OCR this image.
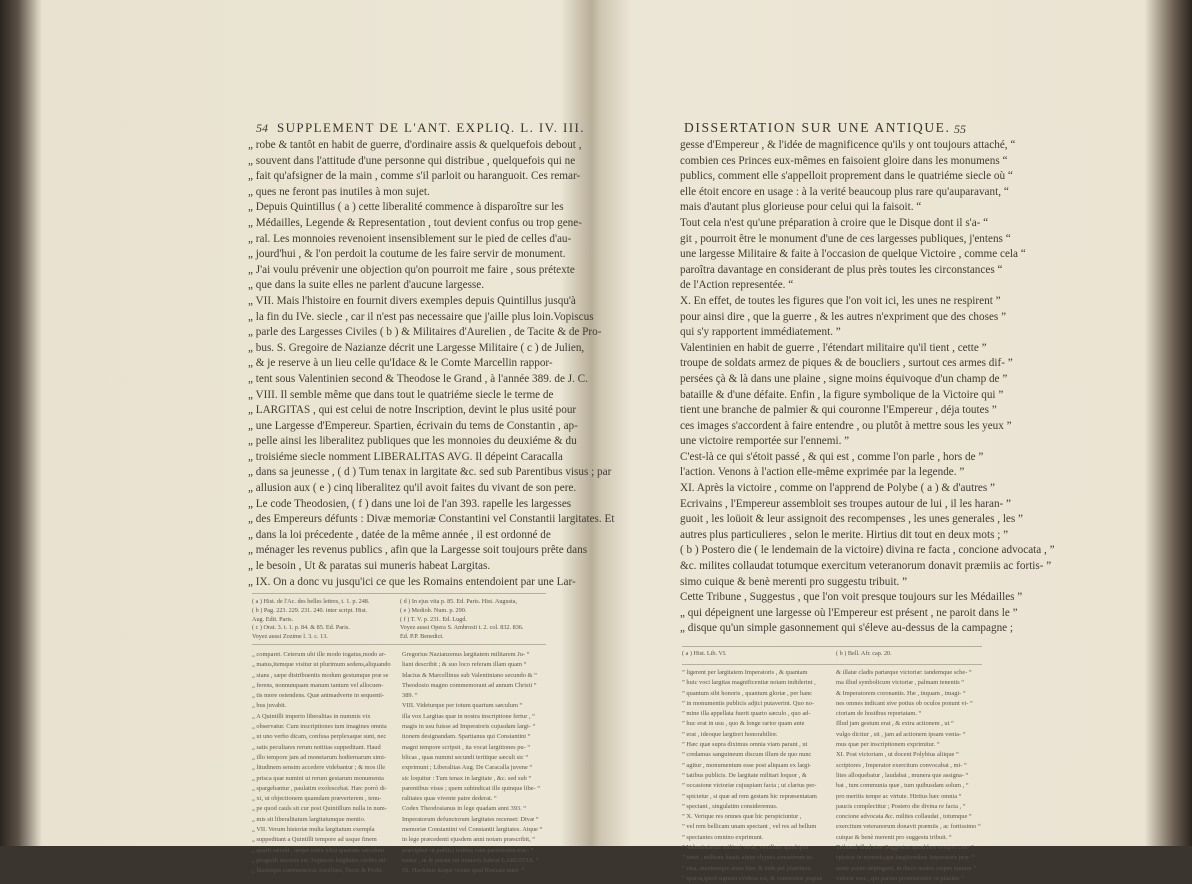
54 SUPPLEMENT DE L'ANT. EXPLIQ. L. IV. III.
„ robe & tantôt en habit de guerre, d'ordinaire assis & quelquefois debout ,
„ souvent dans l'attitude d'une personne qui distribue , quelquefois qui ne
„ fait qu'afsigner de la main , comme s'il parloit ou haranguoit. Ces remar-
„ ques ne feront pas inutiles à mon sujet.
„ Depuis Quintillus ( a ) cette liberalité commence à disparoître sur les
„ Médailles, Legende & Representation , tout devient confus ou trop gene-
„ ral. Les monnoies revenoient insensiblement sur le pied de celles d'au-
„ jourd'hui , & l'on perdoit la coutume de les faire servir de monument.
„ J'ai voulu prévenir une objection qu'on pourroit me faire , sous prétexte
„ que dans la suite elles ne parlent d'aucune largesse.
„ VII. Mais l'histoire en fournit divers exemples depuis Quintillus jusqu'à
„ la fin du IVe. siecle , car il n'est pas necessaire que j'aille plus loin.Vopiscus
„ parle des Largesses Civiles ( b ) & Militaires d'Aurelien , de Tacite & de Pro-
„ bus. S. Gregoire de Nazianze décrit une Largesse Militaire ( c ) de Julien,
„ & je reserve à un lieu celle qu'Idace & le Comte Marcellin rappor-
„ tent sous Valentinien second & Theodose le Grand , à l'année 389. de J. C.
„ VIII. Il semble même que dans tout le quatriéme siecle le terme de
„ LARGITAS , qui est celui de notre Inscription, devint le plus usité pour
„ une Largesse d'Empereur. Spartien, écrivain du tems de Constantin , ap-
„ pelle ainsi les liberalitez publiques que les monnoies du deuxiéme & du
„ troisiéme siecle nomment LIBERALITAS AVG. Il dépeint Caracalla
„ dans sa jeunesse , ( d ) Tum tenax in largitate &c. sed sub Parentibus visus ; par
„ allusion aux ( e ) cinq liberalitez qu'il avoit faites du vivant de son pere.
„ Le code Theodosien, ( f ) dans une loi de l'an 393. rapelle les largesses
„ des Empereurs défunts : Divæ memoriæ Constantini vel Constantii largitates. Et
„ dans la loi précedente , datée de la même année , il est ordonné de
„ ménager les revenus publics , afin que la Largesse soit toujours prête dans
„ le besoin , Ut & paratas sui muneris habeat Largitas.
„ IX. On a donc vu jusqu'ici ce que les Romains entendoient par une Lar-
( a ) Hist. de l'Ac. des belles lettres, t. 1. p. 248.
( b ) Pag. 223. 229. 231. 240. inter script. Hist.
Aug. Edit. Paris.
( c ) Orat. 3. t. 1. p. 84. & 85. Ed. Paris.
Voyez aussi Zozime l. 3. c. 13.
( d ) In ejus vita p. 85. Ed. Paris. Hist. Augusta,
( e ) Mediob. Num. p. 290.
( f ) T. V. p. 231. Ed. Lugd.
Voyez aussi Opera S. Ambrosii t. 2. col. 832. 836.
Ed. P.P. Benedict.
„ comparet. Ceterum ubi ille modo togatus,modo ar-
„ matus,itemque visitur ut plurimum sedens,aliquando
„ stans , sæpe distribuentis modum gestumque præ se
„ ferens, nonnunquam manum tantum vel allocuen-
„ tis more ostendens. Quæ animadverte in sequenti-
„ bus juvabit.
„ A Quintilli imperio liberalitas in nummis vix
„ observatur. Cum inscriptiones tum imagines omnia
„ ut uno verbo dicam, confusa perplexaque sunt, nec
„ satis peculiares rerum notitias suppeditant. Haud
„ illo tempore jam ad monetarum hodiernarum simi-
„ litudinem sensim accedere videbantur ; & mos ille
„ prisca quæ numini ut rerum gestarum monumenta
„ spargebantur , paulatim exolescebat. Hæc porrò di-
„ xi, ut objectionem quamdam præverterem , tenu-
„ pe quod cauls sit cur post Quintillum nulla in num-
„ mis sit liberalitatum largitatumque mentio.
„ VII. Verum historiæ multa largitatum exempla
„ suppeditant a Quintilli tempore ad usque finem
„ quarti sæculi , neque enim ultra quartum sæculum
„ progredi necesse est. Vopiscus largitates civiles mi-
„ litaresque commemorat Aureliani, Taciti & Probi.
Gregorius Nazianzenus largitatem militarem Ju- “
liani describit ; & suo loco referam illam quam “
Idacius & Marcellinus sub Valentiniano secundo & “
Theodosio magno commemorant ad annum Christi “
389. “
VIII. Videturque per totum quartum sæculum “
illa vox Largitas quæ in nostra inscriptione fertur , “
magis in usu fuisse ad Imperatoris cujusdam largi- “
tionem designandam. Spartianus qui Constantini “
magni tempore scripsit , ita vocat largitiones pu- “
blicas , quas nummi secundi tertiique sæculi sic “
exprimunt ; Liberalitas Aug. De Caracalla juvene “
sic loquitur : Tum tenax in largitate , &c. sed sub “
parentibus visus ; quem subindicat ille quinque libe- “
ralitates quas vivente patre dederat. “
Codex Theodosianus in lege quadam anni 393. “
Imperatorum defunctorum largitates recenset: Divæ “
memoriæ Constantini vel Constantii largitates. Atque “
in lege præcedenti ejusdem anni notam præscribit, “
præcipitur ut publici reditus cum parsimonia trac- “
tentur , ut & parata sui muneris habeat LARGITAS. “
IX. Hactenus itaque visum quid Romani intel- “
DISSERTATION SUR UNE ANTIQUE. 55
gesse d'Empereur , & l'idée de magnificence qu'ils y ont toujours attaché, “
combien ces Princes eux-mêmes en faisoient gloire dans les monumens “
publics, comment elle s'appelloit proprement dans le quatriéme siecle où “
elle étoit encore en usage : à la verité beaucoup plus rare qu'auparavant, “
mais d'autant plus glorieuse pour celui qui la faisoit. “
Tout cela n'est qu'une préparation à croire que le Disque dont il s'a- “
git , pourroit être le monument d'une de ces largesses publiques, j'entens “
une largesse Militaire & faite à l'occasion de quelque Victoire , comme cela “
paroîtra davantage en considerant de plus près toutes les circonstances “
de l'Action representée. “
X. En effet, de toutes les figures que l'on voit ici, les unes ne respirent ”
pour ainsi dire , que la guerre , & les autres n'expriment que des choses ”
qui s'y rapportent immédiatement. ”
Valentinien en habit de guerre , l'étendart militaire qu'il tient , cette ”
troupe de soldats armez de piques & de boucliers , surtout ces armes dif- ”
persées çà & là dans une plaine , signe moins équivoque d'un champ de ”
bataille & d'une défaite. Enfin , la figure symbolique de la Victoire qui ”
tient une branche de palmier & qui couronne l'Empereur , déja toutes ”
ces images s'accordent à faire entendre , ou plutôt à mettre sous les yeux ”
une victoire remportée sur l'ennemi. ”
C'est-là ce qui s'étoit passé , & qui est , comme l'on parle , hors de ”
l'action. Venons à l'action elle-même exprimée par la legende. ”
XI. Après la victoire , comme on l'apprend de Polybe ( a ) & d'autres ”
Ecrivains , l'Empereur assembloit ses troupes autour de lui , il les haran- ”
guoit , les loüoit & leur assignoit des recompenses , les unes generales , les ”
autres plus particulieres , selon le merite. Hirtius dit tout en deux mots ; ”
( b ) Postero die ( le lendemain de la victoire) divina re facta , concione advocata , ”
&c. milites collaudat totumque exercitum veteranorum donavit præmiis ac fortis- ”
simo cuique & benè merenti pro suggestu tribuit. ”
Cette Tribune , Suggestus , que l'on voit presque toujours sur les Médailles ”
„ qui dépeignent une largesse où l'Empereur est présent , ne paroit dans le ”
„ disque qu'un simple gasonnement qui s'éleve au-dessus de la campagne ;
( a ) Hist. Lib. VI.	( b ) Bell. Afr. cap. 20.
” ligerent per largitatem Imperatoris , & quantam
” huic voci largitas magnificentiæ notam indiderint ,
” quantum sibi honoris , quantum gloriæ , per hanc
” in monumentis publicis adjici putaverint. Quo no-
” mine illa appellata fuerit quarto sæculo , quo ad-
” huc erat in usu , quo & longe rarior quam ante
” erat , ideoque largitori honorabilior.
” Hæc quæ supra diximus omnia viam parant , ut
” credamus sanguineum discum illum de quo nunc
” agitur , monumentum esse post aliquam ex largi-
” tatibus publicis. De largitate militari loquor , &
” occasione victoriæ cujuspiam facta ; ut clarius per-
” spicietur , si quæ ad rem gestam hic repræsentatam
” spectant , singulatim consideremus.
” X. Verique res omnes quæ hic perspiciuntur ,
” vel rem bellicam unam spectant , vel res ad bellum
” spectantes omnino exprimunt.
” Valentinianus militari veste, vexillum quod ipse
” tenet , militum hastis atque clypeis armatorum tu-
” rma, maximeque arma hinc & inde per planitiem
” sparsa,quod signum evidens est, & commissæ pugnæ
& illatæ cladis partæque victoriæ: tandemque sche- “
ma illud symbolicum victoriæ , palmam tenentis “
& Imperatorem coronantis. Hæ , inquam , imagi- “
nes omnes indicant sive potius ob oculos ponunt vi- “
ctoriam de hostibus reportatam. “
Illud jam gestum erat , & extra actionem , ut “
vulgo dicitur , sit , jam ad actionem ipsam venia- “
mus quæ per inscriptionem exprimitur. “
XI. Post victoriam , ut docent Polybius aliique “
scriptores , Imperator exercitum convocabat , mi- “
lites alloquebatur , laudabat , munera que assigna- “
bat , tum communia quæ , tum quibusdam solum , “
pro meritis tempe ac virtute. Hirtius hæc omnia “
paucis complectitur ; Postero die divina re facta , “
concione advocata &c. milites collaudat , totumque “
exercitum veteranorum donavit præmiis , ac fortissimo “
cuique & benè merenti pro suggestu tribuit. “
Tribunal illud sive Suggestus quod fere semper con- “
spicitur in nummis,qui largitionibus Imperatore præ- “
sente actam depingunt, in disco nostro cespes tantum “
videtur esse , qui parum prominentior in planitie “
